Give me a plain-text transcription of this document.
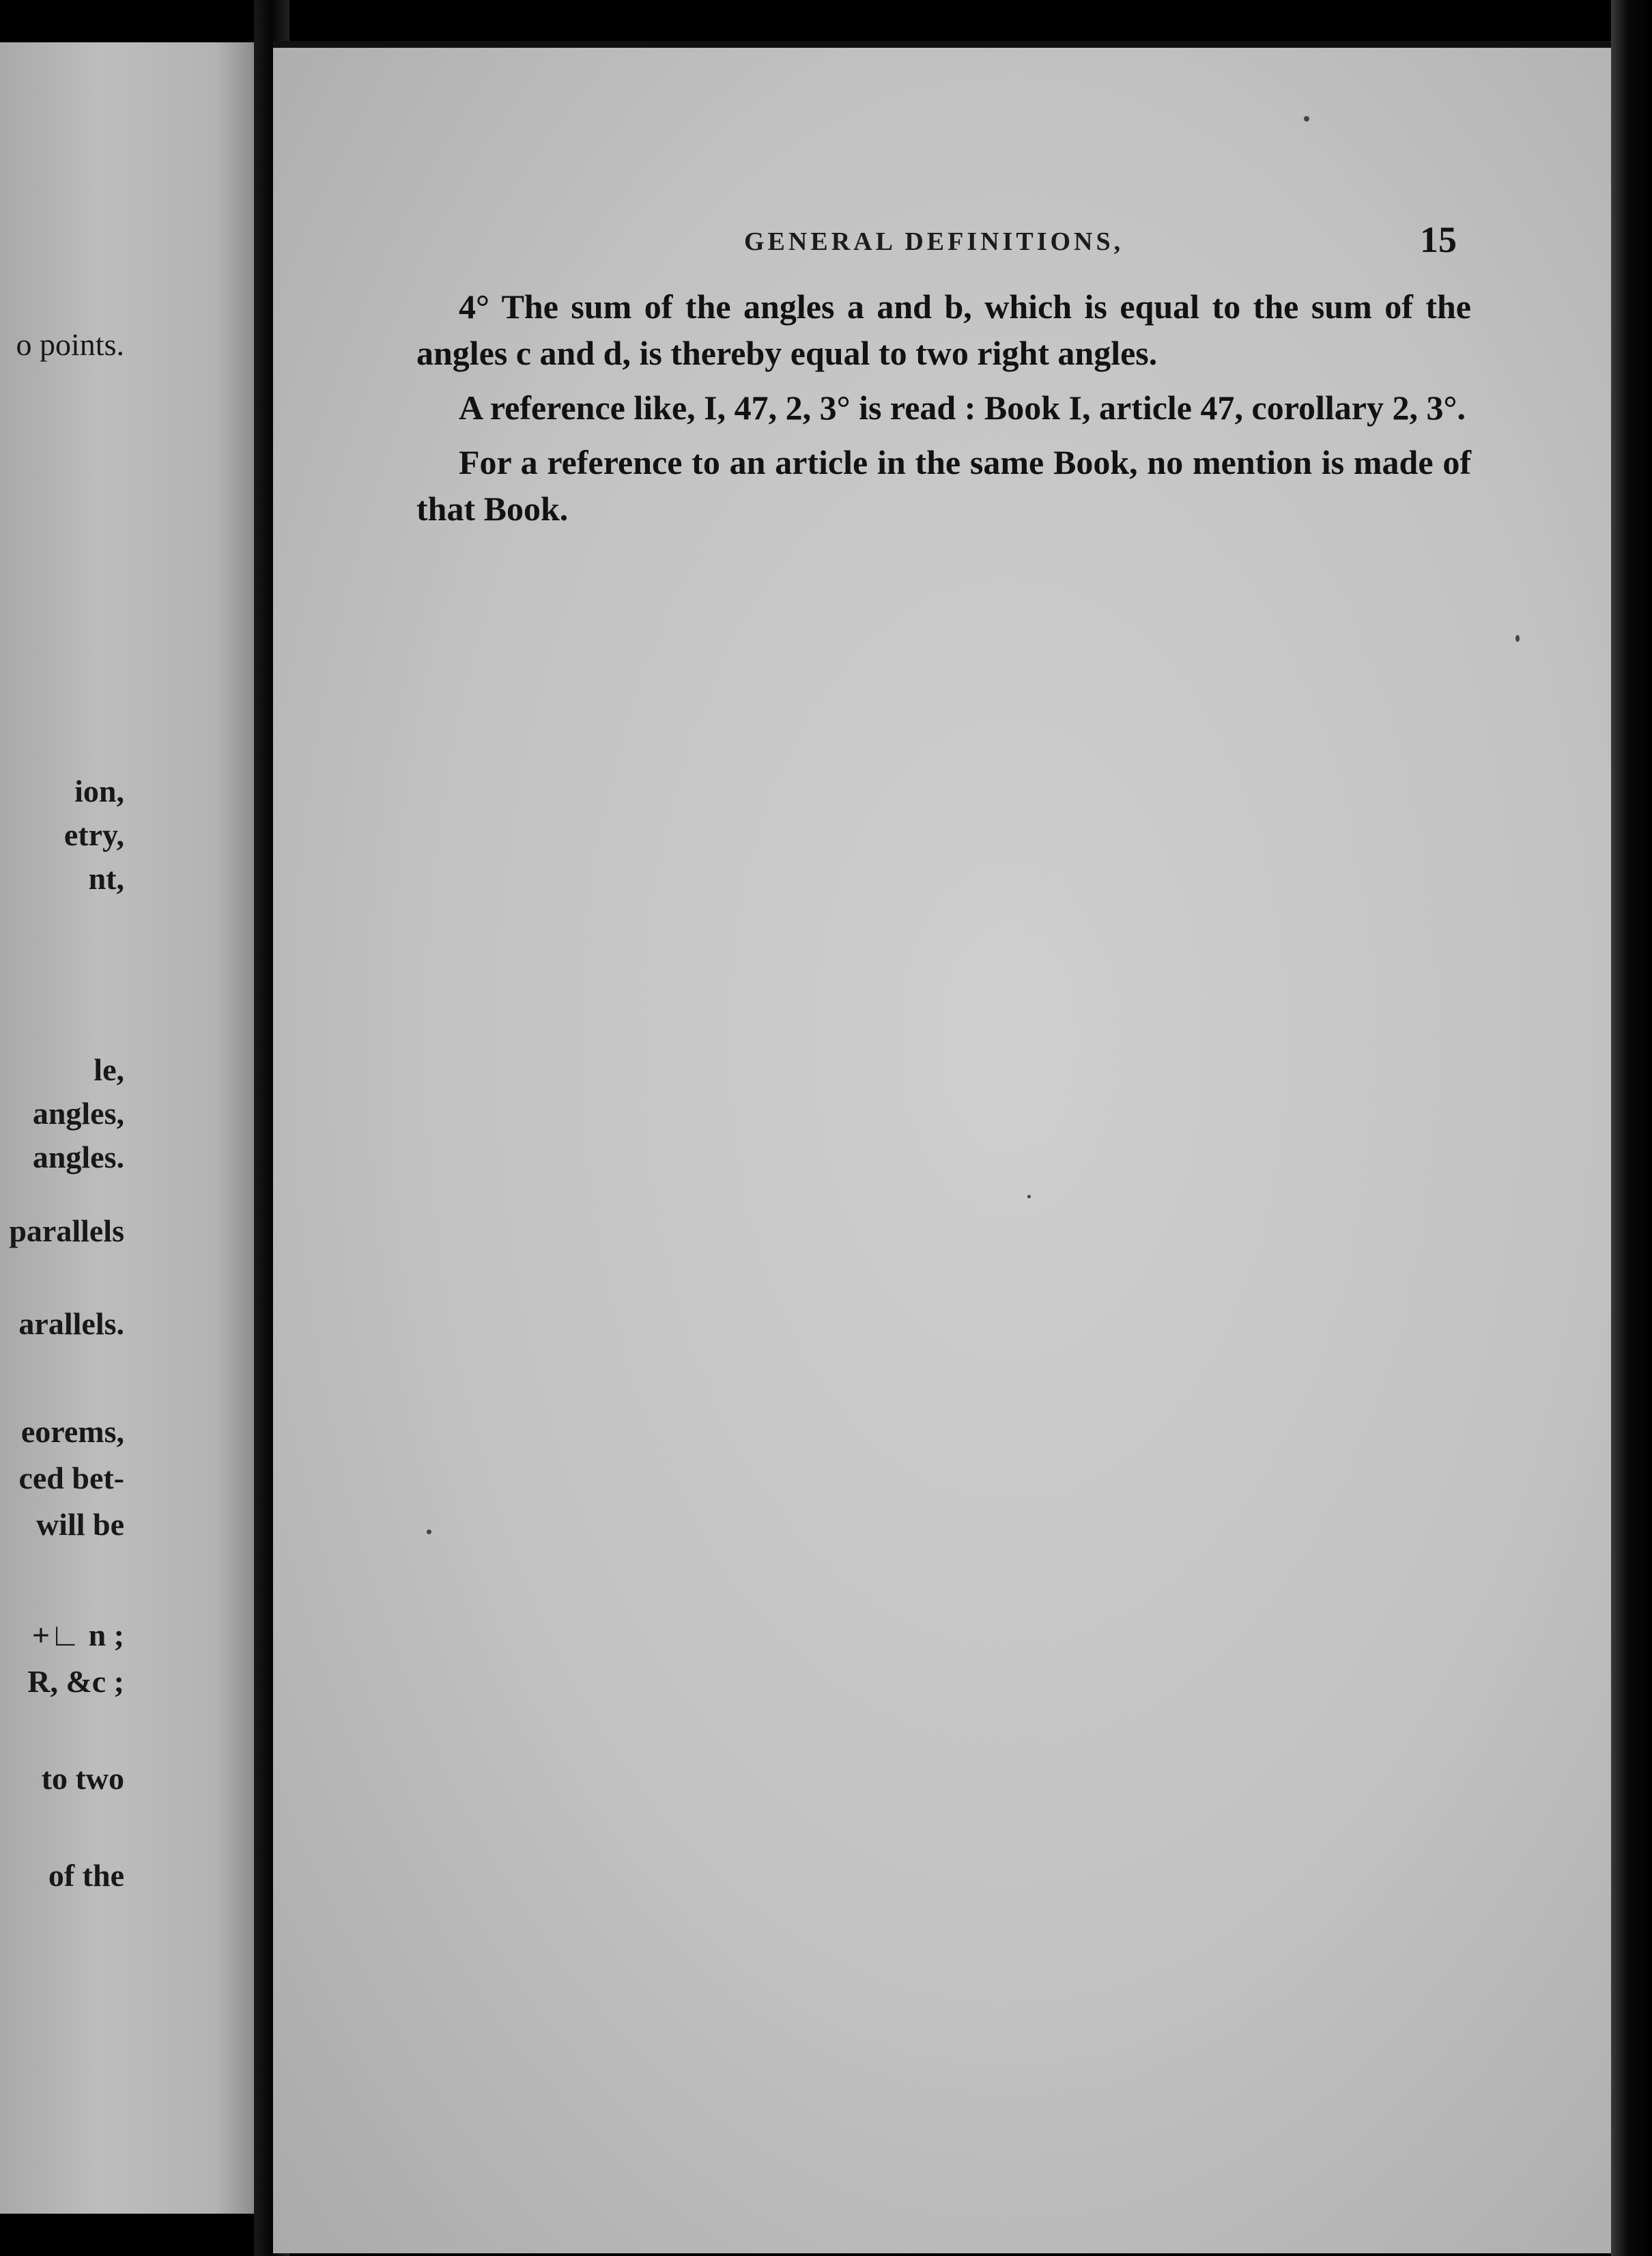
o points.
ion,
etry,
nt,
le,
angles,
angles.
parallels
arallels.
eorems,
ced bet-
will be
+∟ n ;
R, &c ;
to two
of the
GENERAL DEFINITIONS,	15

4° The sum of the angles a and b, which is equal to the sum of the angles c and d, is thereby equal to two right angles.

A reference like, I, 47, 2, 3° is read : Book I, article 47, corollary 2, 3°.

For a reference to an article in the same Book, no mention is made of that Book.
